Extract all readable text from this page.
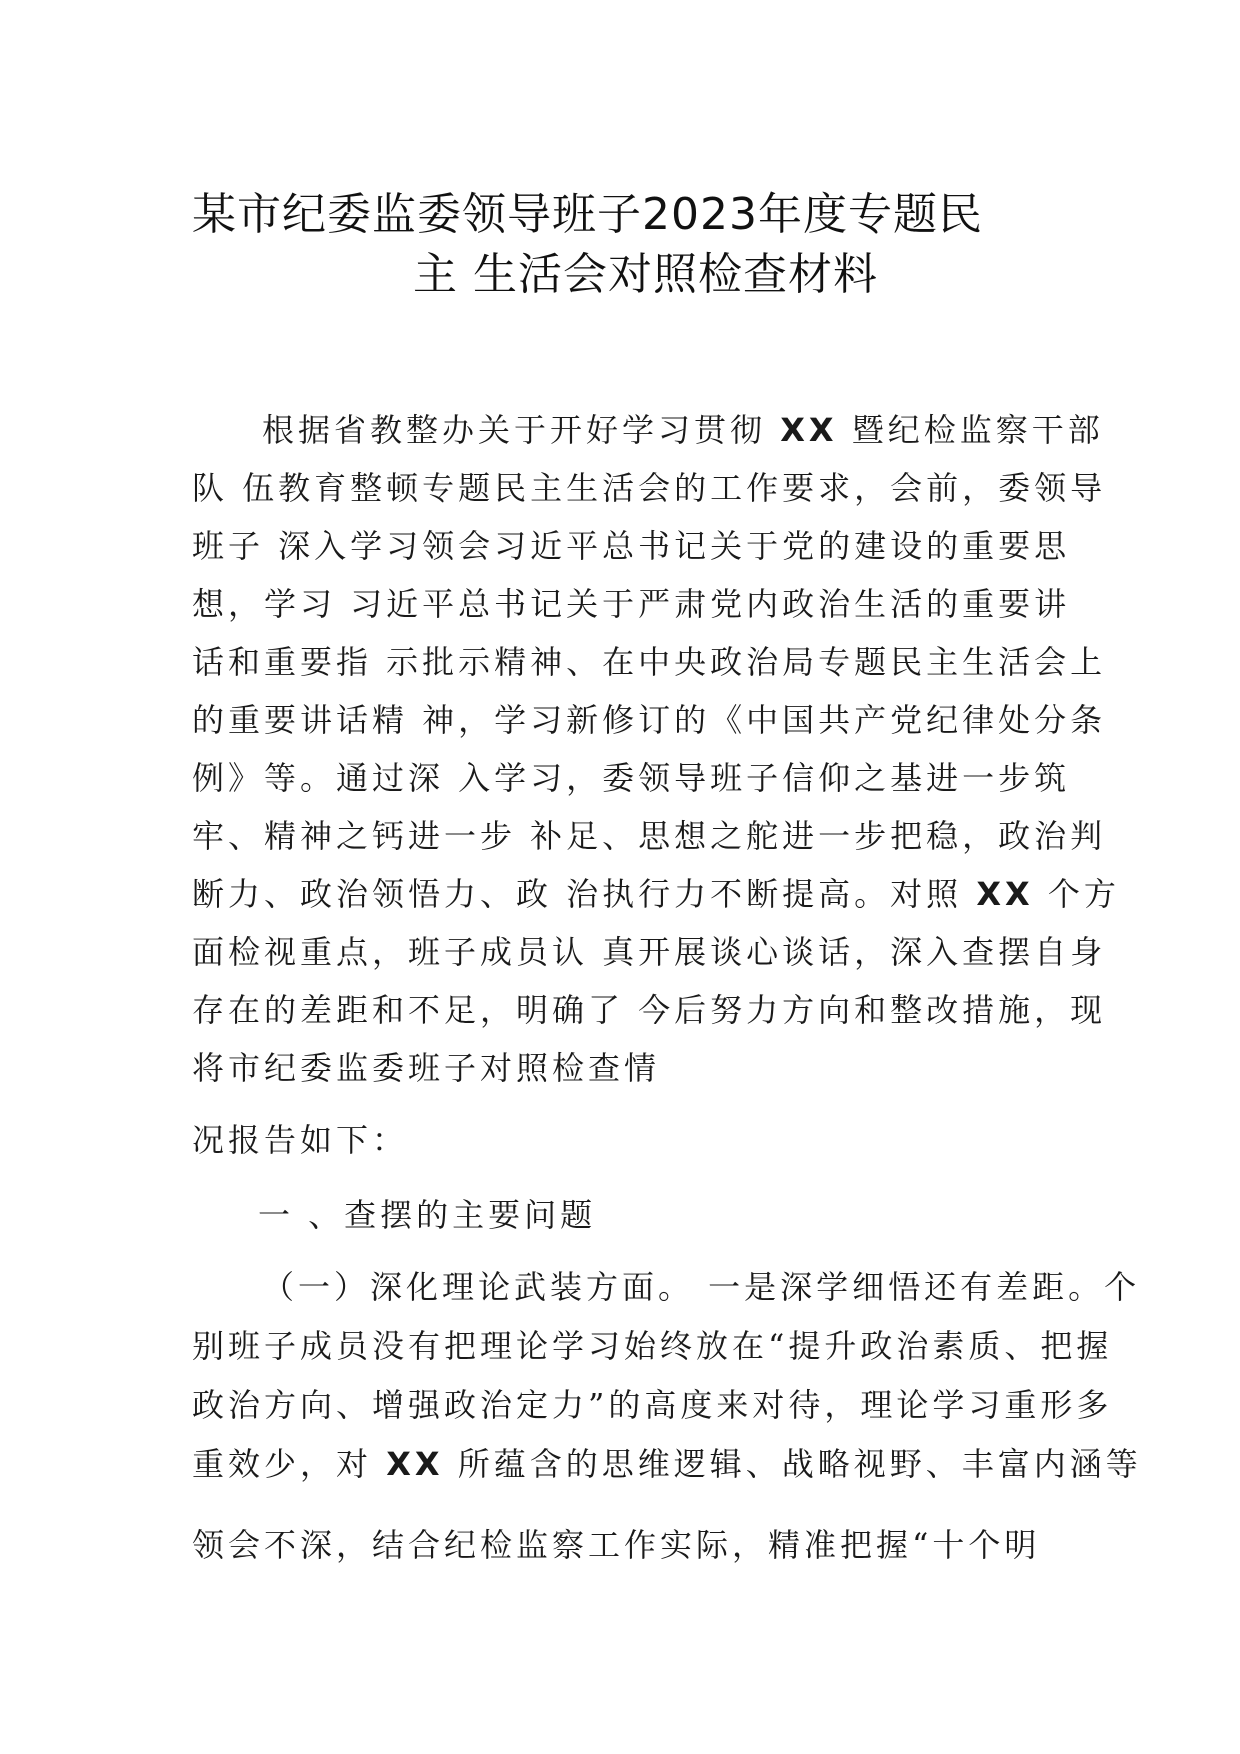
某市纪委监委领导班子2023年度专题民
主 生活会对照检查材料
根据省教整办关于开好学习贯彻 XX 暨纪检监察干部
队 伍教育整顿专题民主生活会的工作要求，会前，委领导
班子 深入学习领会习近平总书记关于党的建设的重要思
想，学习 习近平总书记关于严肃党内政治生活的重要讲
话和重要指 示批示精神、在中央政治局专题民主生活会上
的重要讲话精 神，学习新修订的《中国共产党纪律处分条
例》等。通过深 入学习，委领导班子信仰之基进一步筑
牢、精神之钙进一步 补足、思想之舵进一步把稳，政治判
断力、政治领悟力、政 治执行力不断提高。对照 XX 个方
面检视重点，班子成员认 真开展谈心谈话，深入查摆自身
存在的差距和不足，明确了 今后努力方向和整改措施，现
将市纪委监委班子对照检查情
况报告如下：
一 、查摆的主要问题
（一）深化理论武装方面。 一是深学细悟还有差距。个
别班子成员没有把理论学习始终放在“提升政治素质、把握
政治方向、增强政治定力”的高度来对待，理论学习重形多
重效少，对 XX 所蕴含的思维逻辑、战略视野、丰富内涵等
领会不深，结合纪检监察工作实际，精准把握“十个明
